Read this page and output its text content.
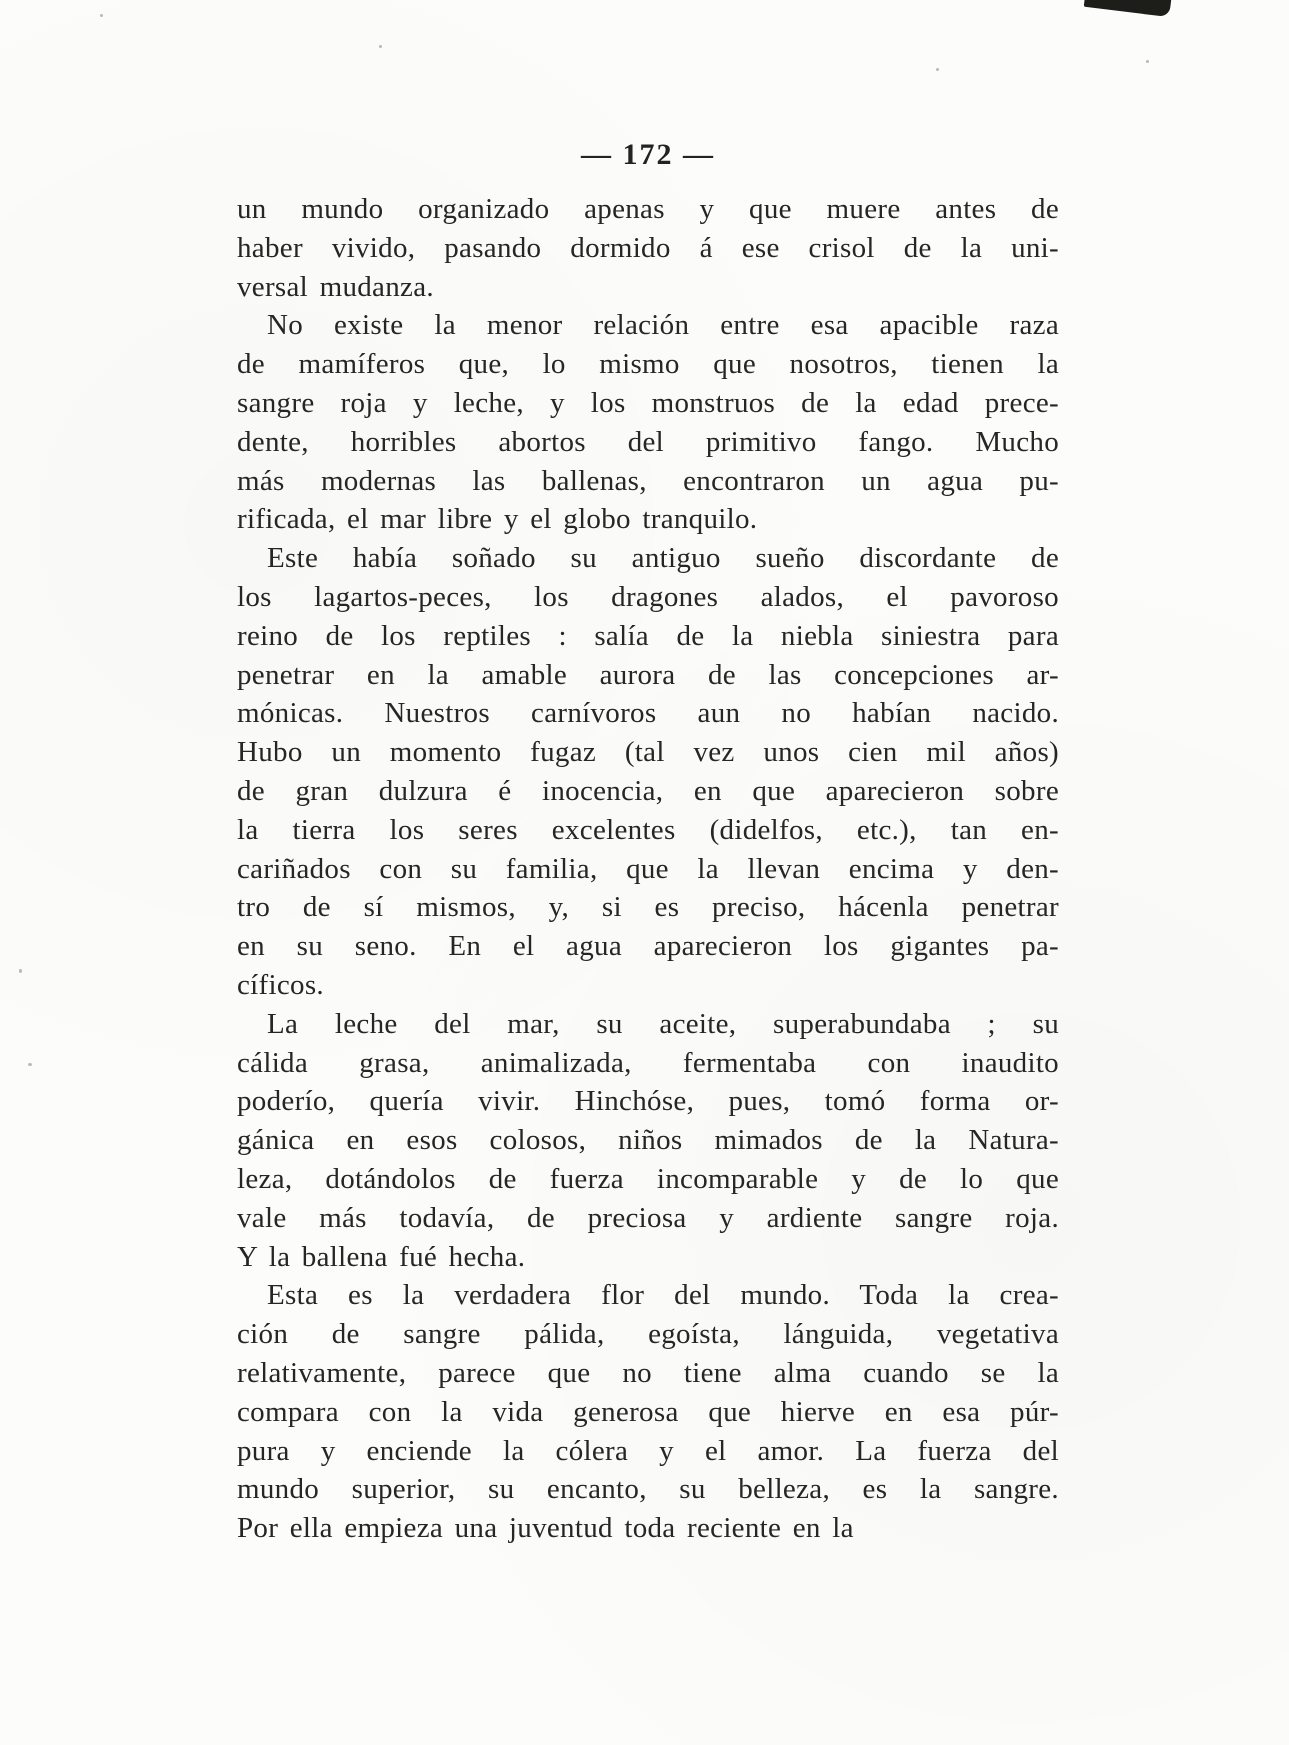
— 172 —
un mundo organizado apenas y que muere antes de
haber vivido, pasando dormido á ese crisol de la uni-
versal mudanza.
No existe la menor relación entre esa apacible raza
de mamíferos que, lo mismo que nosotros, tienen la
sangre roja y leche, y los monstruos de la edad prece-
dente, horribles abortos del primitivo fango. Mucho
más modernas las ballenas, encontraron un agua pu-
rificada, el mar libre y el globo tranquilo.
Este había soñado su antiguo sueño discordante de
los lagartos-peces, los dragones alados, el pavoroso
reino de los reptiles : salía de la niebla siniestra para
penetrar en la amable aurora de las concepciones ar-
mónicas. Nuestros carnívoros aun no habían nacido.
Hubo un momento fugaz (tal vez unos cien mil años)
de gran dulzura é inocencia, en que aparecieron sobre
la tierra los seres excelentes (didelfos, etc.), tan en-
cariñados con su familia, que la llevan encima y den-
tro de sí mismos, y, si es preciso, hácenla penetrar
en su seno. En el agua aparecieron los gigantes pa-
cíficos.
La leche del mar, su aceite, superabundaba ; su
cálida grasa, animalizada, fermentaba con inaudito
poderío, quería vivir. Hinchóse, pues, tomó forma or-
gánica en esos colosos, niños mimados de la Natura-
leza, dotándolos de fuerza incomparable y de lo que
vale más todavía, de preciosa y ardiente sangre roja.
Y la ballena fué hecha.
Esta es la verdadera flor del mundo. Toda la crea-
ción de sangre pálida, egoísta, lánguida, vegetativa
relativamente, parece que no tiene alma cuando se la
compara con la vida generosa que hierve en esa púr-
pura y enciende la cólera y el amor. La fuerza del
mundo superior, su encanto, su belleza, es la sangre.
Por ella empieza una juventud toda reciente en la
